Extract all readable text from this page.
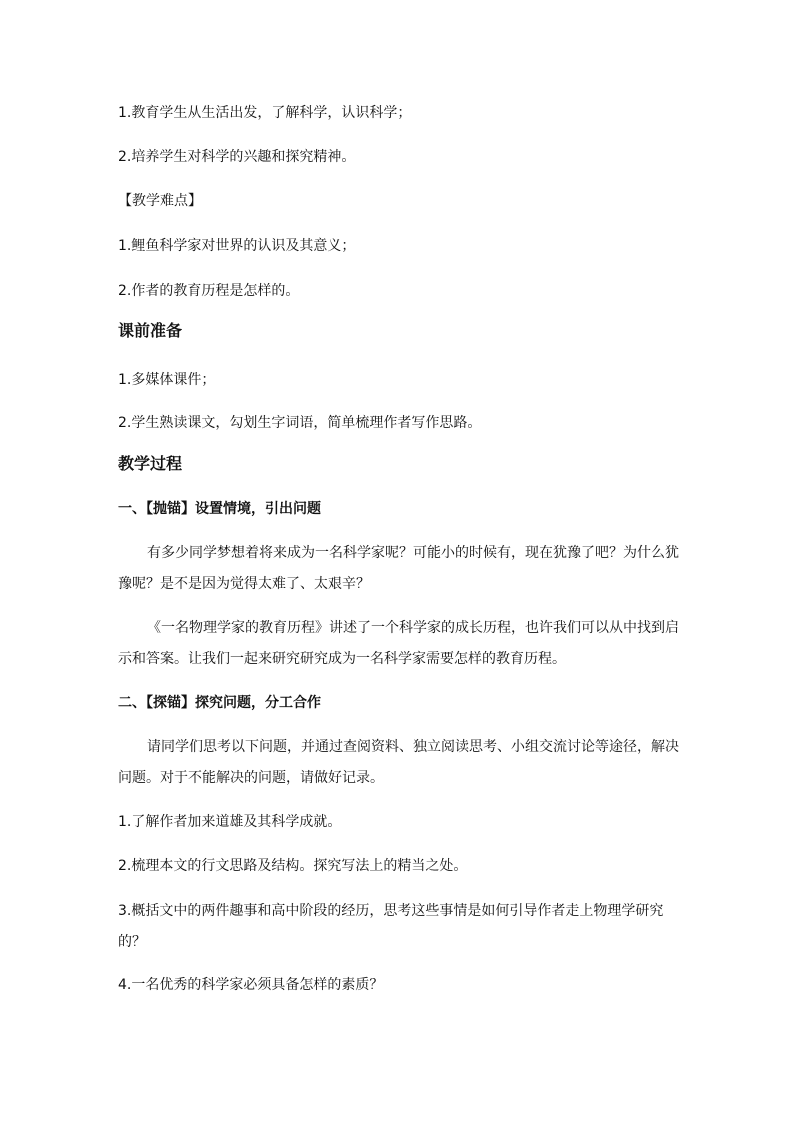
1.教育学生从生活出发，了解科学，认识科学；
2.培养学生对科学的兴趣和探究精神。
【教学难点】
1.鲤鱼科学家对世界的认识及其意义；
2.作者的教育历程是怎样的。
课前准备
1.多媒体课件；
2.学生熟读课文，勾划生字词语，简单梳理作者写作思路。
教学过程
一、【抛锚】设置情境，引出问题
有多少同学梦想着将来成为一名科学家呢？可能小的时候有，现在犹豫了吧？为什么犹
豫呢？是不是因为觉得太难了、太艰辛？
《一名物理学家的教育历程》讲述了一个科学家的成长历程，也许我们可以从中找到启
示和答案。让我们一起来研究研究成为一名科学家需要怎样的教育历程。
二、【探锚】探究问题，分工合作
请同学们思考以下问题，并通过查阅资料、独立阅读思考、小组交流讨论等途径，解决
问题。对于不能解决的问题，请做好记录。
1.了解作者加来道雄及其科学成就。
2.梳理本文的行文思路及结构。探究写法上的精当之处。
3.概括文中的两件趣事和高中阶段的经历，思考这些事情是如何引导作者走上物理学研究
的？
4.一名优秀的科学家必须具备怎样的素质？
